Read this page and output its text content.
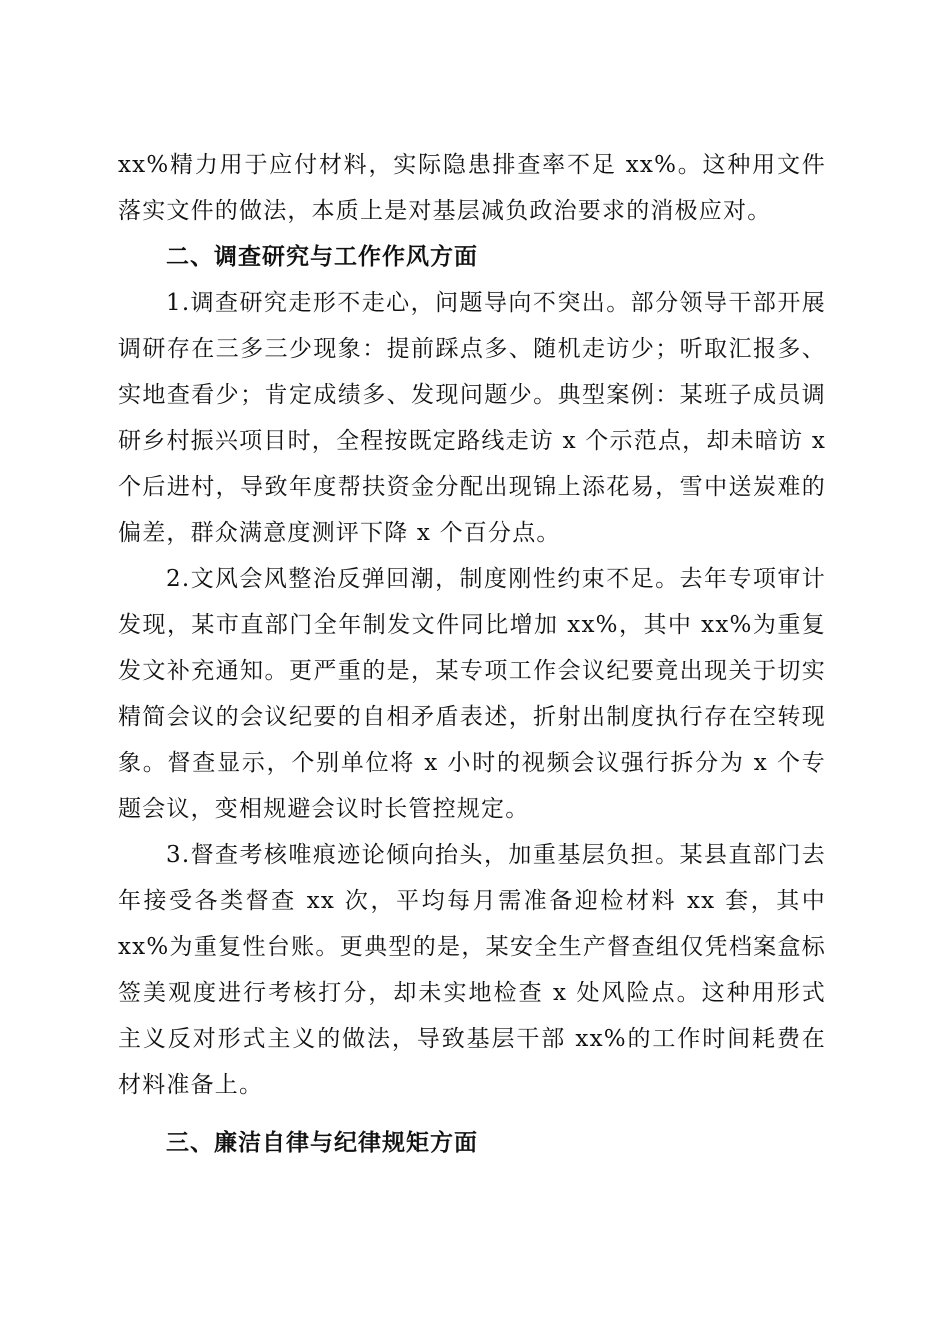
xx%精力用于应付材料，实际隐患排查率不足 xx%。这种用文件落实文件的做法，本质上是对基层减负政治要求的消极应对。

二、调查研究与工作作风方面

1.调查研究走形不走心，问题导向不突出。部分领导干部开展调研存在三多三少现象：提前踩点多、随机走访少；听取汇报多、实地查看少；肯定成绩多、发现问题少。典型案例：某班子成员调研乡村振兴项目时，全程按既定路线走访 x 个示范点，却未暗访 x 个后进村，导致年度帮扶资金分配出现锦上添花易，雪中送炭难的偏差，群众满意度测评下降 x 个百分点。

2.文风会风整治反弹回潮，制度刚性约束不足。去年专项审计发现，某市直部门全年制发文件同比增加 xx%，其中 xx%为重复发文补充通知。更严重的是，某专项工作会议纪要竟出现关于切实精简会议的会议纪要的自相矛盾表述，折射出制度执行存在空转现象。督查显示，个别单位将 x 小时的视频会议强行拆分为 x 个专题会议，变相规避会议时长管控规定。

3.督查考核唯痕迹论倾向抬头，加重基层负担。某县直部门去年接受各类督查 xx 次，平均每月需准备迎检材料 xx 套，其中 xx%为重复性台账。更典型的是，某安全生产督查组仅凭档案盒标签美观度进行考核打分，却未实地检查 x 处风险点。这种用形式主义反对形式主义的做法，导致基层干部 xx%的工作时间耗费在材料准备上。

三、廉洁自律与纪律规矩方面
